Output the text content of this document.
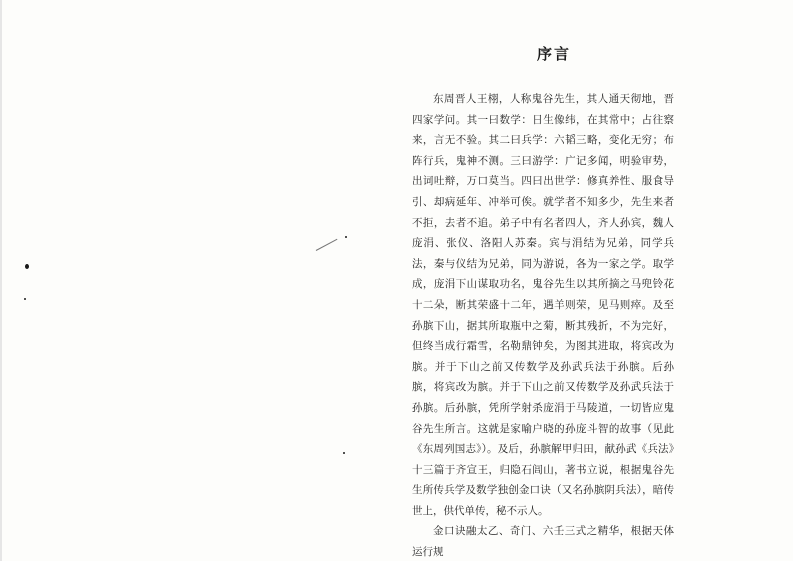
序言

东周晋人王栩，人称鬼谷先生，其人通天彻地，晋四家学问。其一曰数学：日生像纬，在其常中；占往察来，言无不验。其二曰兵学：六韬三略，变化无穷；布阵行兵，鬼神不测。三曰游学：广记多闻，明验审势，出词吐辩，万口莫当。四曰出世学：修真养性、服食导引、却病延年、冲举可俟。就学者不知多少，先生来者不拒，去者不追。弟子中有名者四人，齐人孙宾，魏人庞涓、张仪、洛阳人苏秦。宾与涓结为兄弟，同学兵法，秦与仪结为兄弟，同为游说，各为一家之学。取学成，庞涓下山谋取功名，鬼谷先生以其所摘之马兜铃花十二朵，断其荣盛十二年，遇羊则荣，见马则瘁。及至孙膑下山，据其所取瓶中之菊，断其残折，不为完好，但终当成行霜雪，名勒鼎钟矣，为图其进取，将宾改为膑。并于下山之前又传数学及孙武兵法于孙膑。后孙膑，将宾改为膑。并于下山之前又传数学及孙武兵法于孙膑。后孙膑，凭所学射杀庞涓于马陵道，一切皆应鬼谷先生所言。这就是家喻户晓的孙庞斗智的故事（见此《东周列国志》）。及后，孙膑解甲归田，献孙武《兵法》十三篇于齐宣王，归隐石闾山，著书立说，根据鬼谷先生所传兵学及数学独创金口诀（又名孙膑阴兵法），暗传世上，供代单传，秘不示人。

金口诀融太乙、奇门、六壬三式之精华，根据天体运行规
